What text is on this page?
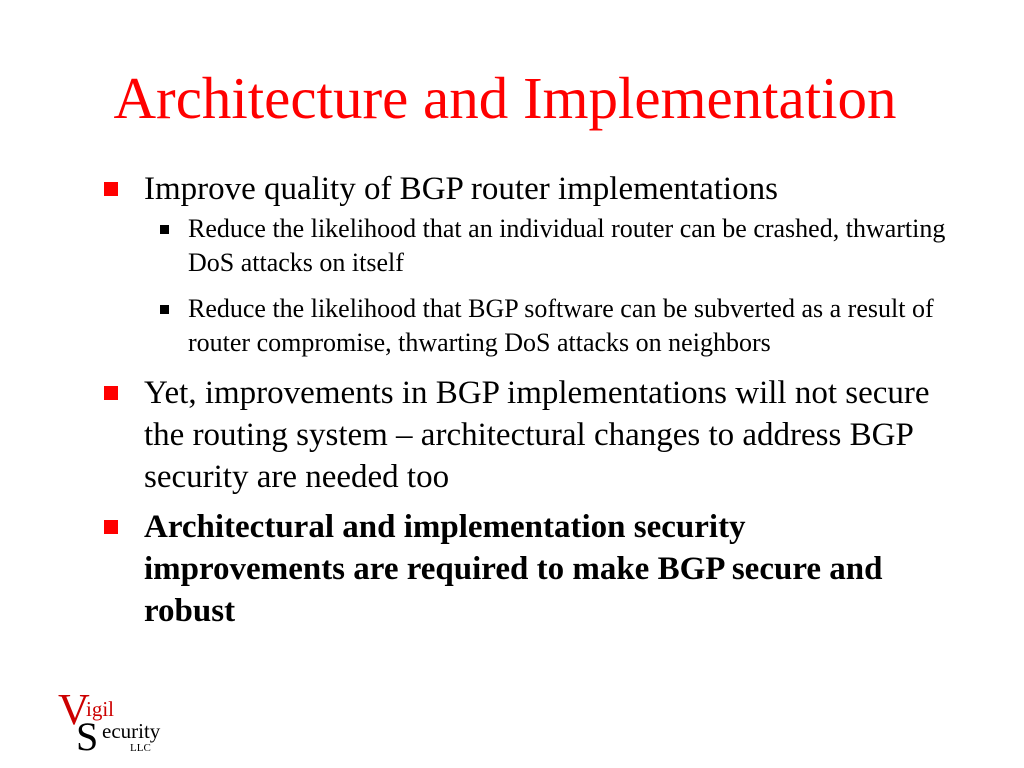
Architecture and Implementation
Improve quality of BGP router implementations
Reduce the likelihood that an individual router can be crashed, thwarting DoS attacks on itself
Reduce the likelihood that BGP software can be subverted as a result of router compromise, thwarting DoS attacks on neighbors
Yet, improvements in BGP implementations will not secure the routing system – architectural changes to address BGP security are needed too
Architectural and implementation security improvements are required to make BGP secure and robust
V
igil
S ecurity
LLC
